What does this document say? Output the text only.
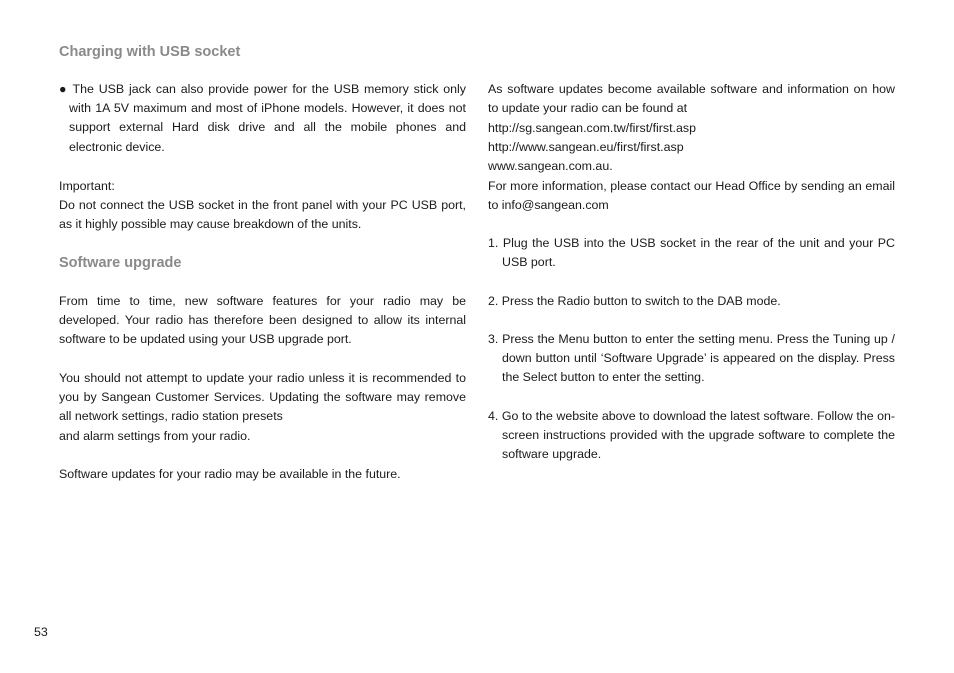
Charging with USB socket
Software upgrade

● The USB jack can also provide power for the USB memory stick only with 1A 5V maximum and most of iPhone models. However, it does not support external Hard disk drive and all the mobile phones and electronic device.

Important:

Do not connect the USB socket in the front panel with your PC USB port, as it highly possible may cause breakdown of the units.

From time to time, new software features for your radio may be developed. Your radio has therefore been designed to allow its internal software to be updated using your USB upgrade port.

You should not attempt to update your radio unless it is recommended to you by Sangean Customer Services. Updating the software may remove all network settings, radio station presets

and alarm settings from your radio.

Software updates for your radio may be available in the future.

As software updates become available software and information on how to update your radio can be found at

http://sg.sangean.com.tw/first/first.asp

http://www.sangean.eu/first/first.asp

www.sangean.com.au.

For more information, please contact our Head Office by sending an email to info@sangean.com

1. Plug the USB into the USB socket in the rear of the unit and your PC USB port.

2. Press the Radio button to switch to the DAB mode.

3. Press the Menu button to enter the setting menu. Press the Tuning up / down button until ‘Software Upgrade’ is appeared on the display. Press the Select button to enter the setting.

4. Go to the website above to download the latest software. Follow the on-screen instructions provided with the upgrade software to complete the software upgrade.

53
